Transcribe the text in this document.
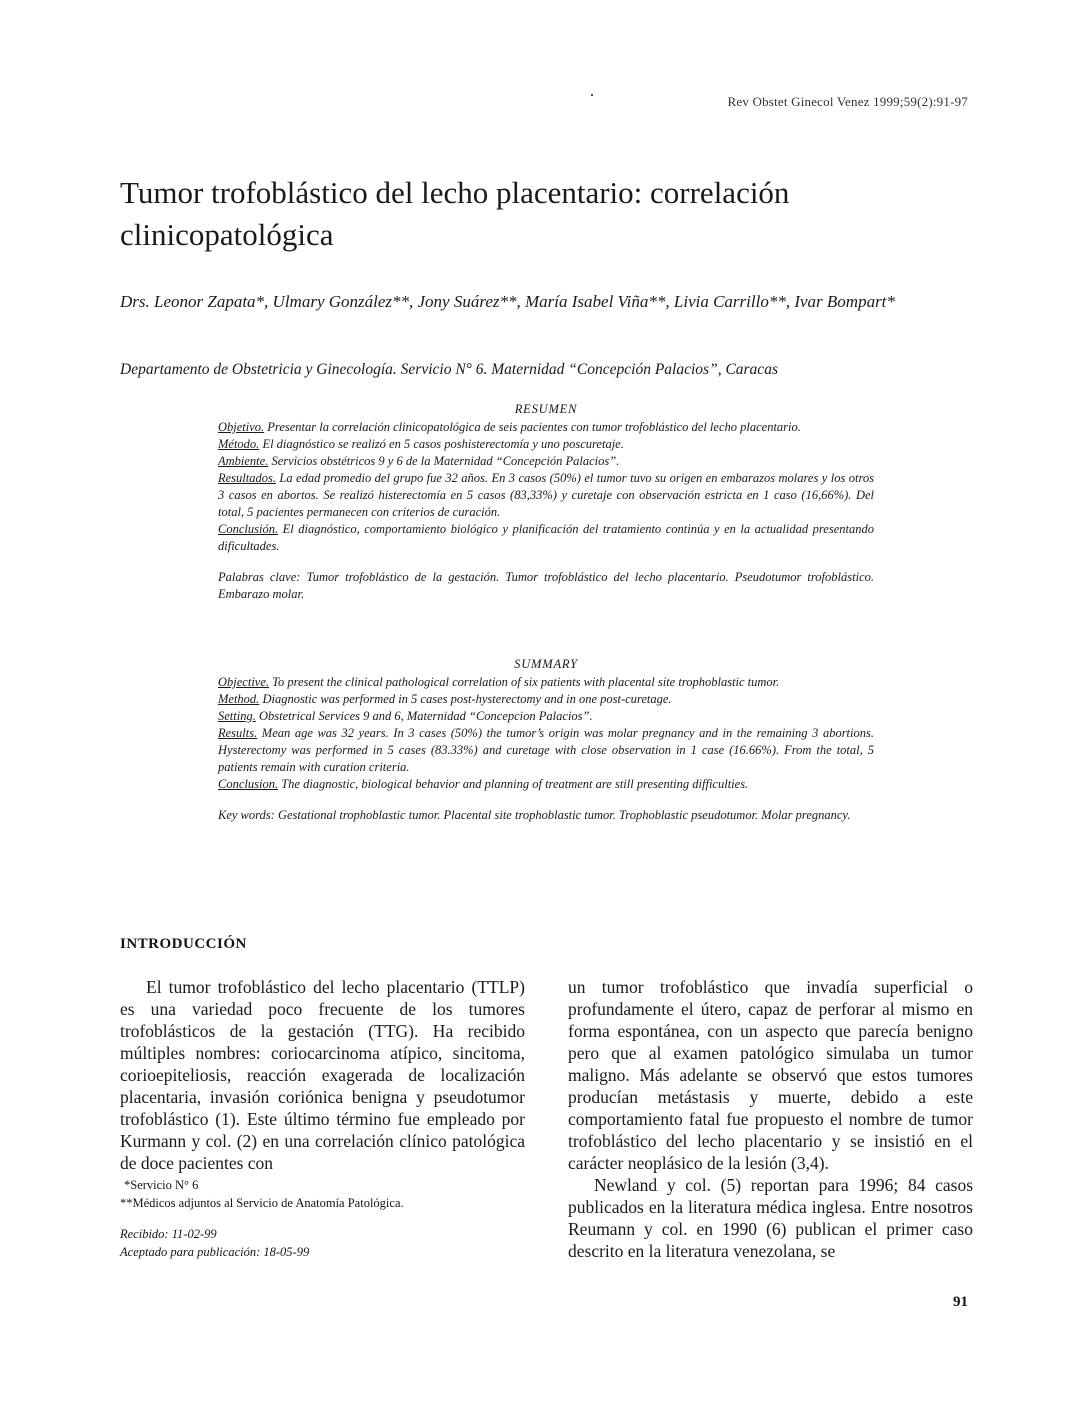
Rev Obstet Ginecol Venez 1999;59(2):91-97
Tumor trofoblástico del lecho placentario: correlación clinicopatológica
Drs. Leonor Zapata*, Ulmary González**, Jony Suárez**, María Isabel Viña**, Livia Carrillo**, Ivar Bompart*
Departamento de Obstetricia y Ginecología. Servicio N° 6. Maternidad “Concepción Palacios”, Caracas

RESUMEN

Objetivo. Presentar la correlación clinicopatológica de seis pacientes con tumor trofoblástico del lecho placentario.

Método. El diagnóstico se realizó en 5 casos poshisterectomía y uno poscuretaje.

Ambiente. Servicios obstétricos 9 y 6 de la Maternidad “Concepción Palacios”.

Resultados. La edad promedio del grupo fue 32 años. En 3 casos (50%) el tumor tuvo su origen en embarazos molares y los otros 3 casos en abortos. Se realizó histerectomía en 5 casos (83,33%) y curetaje con observación estricta en 1 caso (16,66%). Del total, 5 pacientes permanecen con criterios de curación.

Conclusión. El diagnóstico, comportamiento biológico y planificación del tratamiento continúa y en la actualidad presentando dificultades.

Palabras clave: Tumor trofoblástico de la gestación. Tumor trofoblástico del lecho placentario. Pseudotumor trofoblástico. Embarazo molar.

SUMMARY

Objective. To present the clinical pathological correlation of six patients with placental site trophoblastic tumor.

Method. Diagnostic was performed in 5 cases post-hysterectomy and in one post-curetage.

Setting. Obstetrical Services 9 and 6, Maternidad “Concepcion Palacios”.

Results. Mean age was 32 years. In 3 cases (50%) the tumor’s origin was molar pregnancy and in the remaining 3 abortions. Hysterectomy was performed in 5 cases (83.33%) and curetage with close observation in 1 case (16.66%). From the total, 5 patients remain with curation criteria.

Conclusion. The diagnostic, biological behavior and planning of treatment are still presenting difficulties.

Key words: Gestational trophoblastic tumor. Placental site trophoblastic tumor. Trophoblastic pseudotumor. Molar pregnancy.

INTRODUCCIÓN

El tumor trofoblástico del lecho placentario (TTLP) es una variedad poco frecuente de los tumores trofoblásticos de la gestación (TTG). Ha recibido múltiples nombres: coriocarcinoma atípico, sincitoma, corioepiteliosis, reacción exagerada de localización placentaria, invasión coriónica benigna y pseudotumor trofoblástico (1). Este último término fue empleado por Kurmann y col. (2) en una correlación clínico patológica de doce pacientes con

un tumor trofoblástico que invadía superficial o profundamente el útero, capaz de perforar al mismo en forma espontánea, con un aspecto que parecía benigno pero que al examen patológico simulaba un tumor maligno. Más adelante se observó que estos tumores producían metástasis y muerte, debido a este comportamiento fatal fue propuesto el nombre de tumor trofoblástico del lecho placentario y se insistió en el carácter neoplásico de la lesión (3,4).

Newland y col. (5) reportan para 1996; 84 casos publicados en la literatura médica inglesa. Entre nosotros Reumann y col. en 1990 (6) publican el primer caso descrito en la literatura venezolana, se

*Servicio N° 6

**Médicos adjuntos al Servicio de Anatomía Patológica.

Recibido: 11-02-99
Aceptado para publicación: 18-05-99
91
